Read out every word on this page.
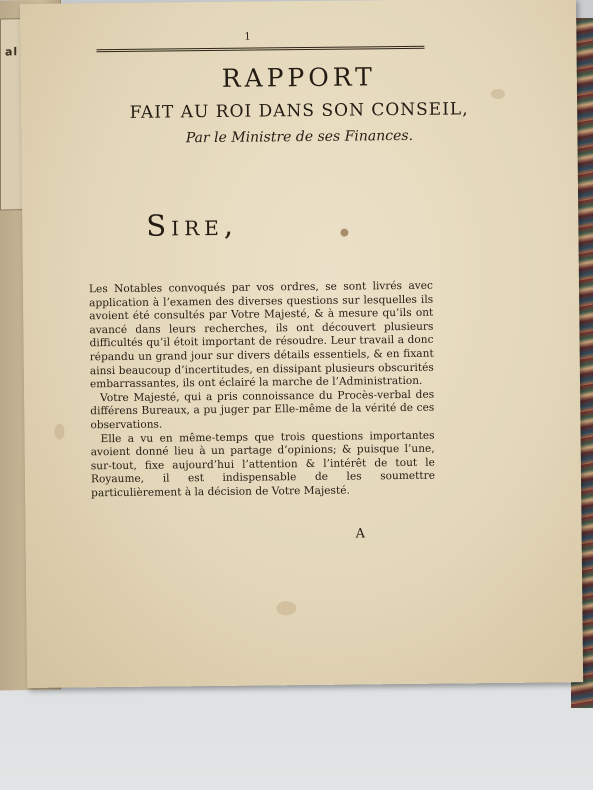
al
1
RAPPORT
FAIT AU ROI DANS SON CONSEIL,
Par le Ministre de ses Finances.
Sire,

Les Notables convoqués par vos ordres, se sont livrés avec application à l’examen des diverses questions sur lesquelles ils avoient été consultés par Votre Majesté, & à mesure qu’ils ont avancé dans leurs recherches, ils ont découvert plusieurs difficultés qu’il étoit important de résoudre. Leur travail a donc répandu un grand jour sur divers détails essentiels, & en fixant ainsi beaucoup d’incertitudes, en dissipant plusieurs obscurités embarrassantes, ils ont éclairé la marche de l’Administration.

Votre Majesté, qui a pris connoissance du Procès-verbal des différens Bureaux, a pu juger par Elle-même de la vérité de ces observations.

Elle a vu en même-temps que trois questions importantes avoient donné lieu à un partage d’opinions; & puisque l’une, sur-tout, fixe aujourd’hui l’attention & l’intérêt de tout le Royaume, il est indispensable de les soumettre particulièrement à la décision de Votre Majesté.

A
